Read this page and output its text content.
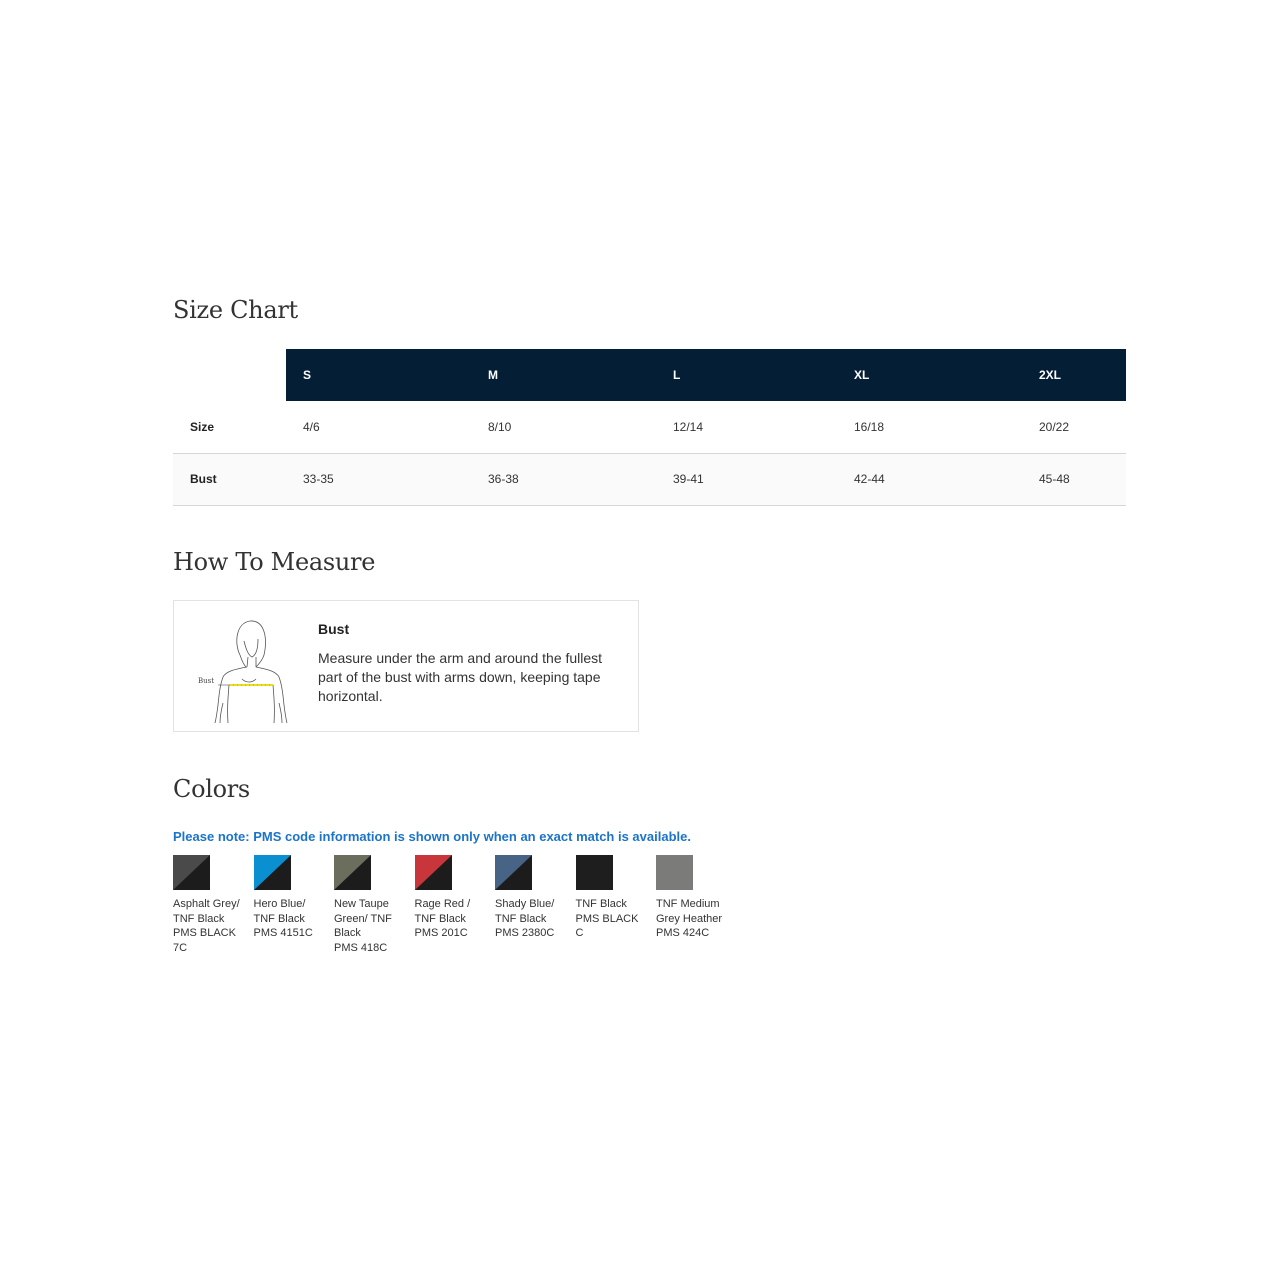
Size Chart
	S	M	L	XL	2XL
Size	4/6	8/10	12/14	16/18	20/22
Bust	33-35	36-38	39-41	42-44	45-48
How To Measure
Bust

Bust

Measure under the arm and around the fullest part of the bust with arms down, keeping tape horizontal.

Colors

Please note: PMS code information is shown only when an exact match is available.

Asphalt Grey/
TNF Black
PMS BLACK
7C
Hero Blue/
TNF Black
PMS 4151C
New Taupe
Green/ TNF
Black
PMS 418C
Rage Red /
TNF Black
PMS 201C
Shady Blue/
TNF Black
PMS 2380C
TNF Black
PMS BLACK
C
TNF Medium
Grey Heather
PMS 424C
